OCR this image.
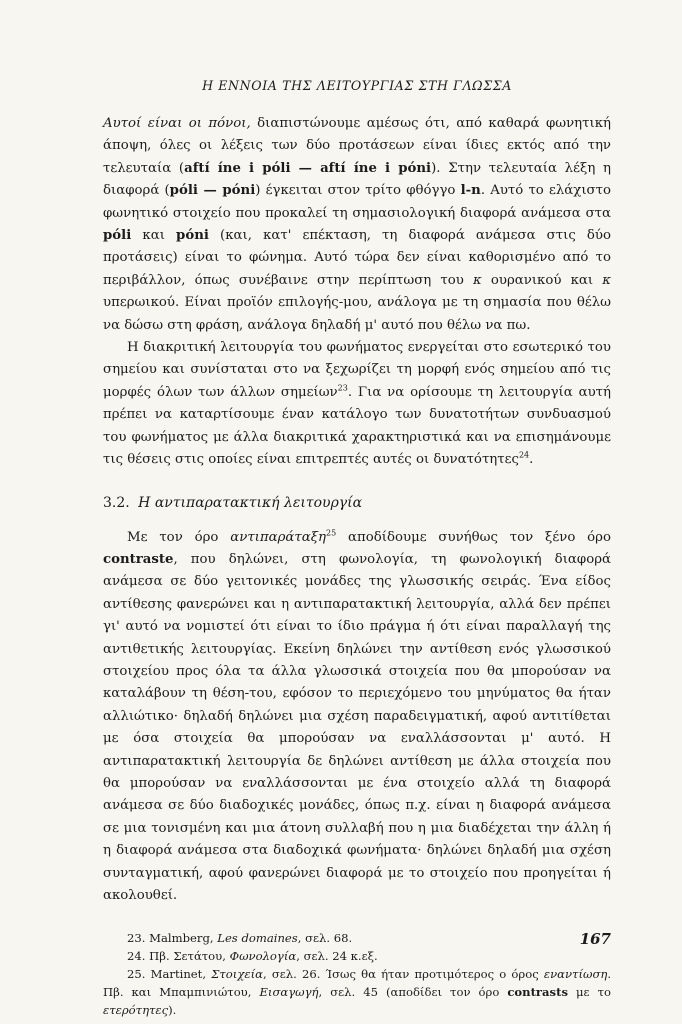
Η ΕΝΝΟΙΑ ΤΗΣ ΛΕΙΤΟΥΡΓΙΑΣ ΣΤΗ ΓΛΩΣΣΑ

Αυτοί είναι οι πόνοι, διαπιστώνουμε αμέσως ότι, από καθαρά φωνητική άποψη, όλες οι λέξεις των δύο προτάσεων είναι ίδιες εκτός από την τελευταία (aftí íne i póli — aftí íne i póni). Στην τελευταία λέξη η διαφορά (póli — póni) έγκειται στον τρίτο φθόγγο l-n. Αυτό το ελάχιστο φωνητικό στοιχείο που προκαλεί τη σημασιολογική διαφορά ανάμεσα στα póli και póni (και, κατ' επέκταση, τη διαφορά ανάμεσα στις δύο προτάσεις) είναι το φώνημα. Αυτό τώρα δεν είναι καθορισμένο από το περιβάλλον, όπως συνέβαινε στην περίπτωση του κ ουρανικού και κ υπερωικού. Είναι προϊόν επιλογής-μου, ανάλογα με τη σημασία που θέλω να δώσω στη φράση, ανάλογα δηλαδή μ' αυτό που θέλω να πω.

Η διακριτική λειτουργία του φωνήματος ενεργείται στο εσωτερικό του σημείου και συνίσταται στο να ξεχωρίζει τη μορφή ενός σημείου από τις μορφές όλων των άλλων σημείων$^{23}$. Για να ορίσουμε τη λειτουργία αυτή πρέπει να καταρτίσουμε έναν κατάλογο των δυνατοτήτων συνδυασμού του φωνήματος με άλλα διακριτικά χαρακτηριστικά και να επισημάνουμε τις θέσεις στις οποίες είναι επιτρεπτές αυτές οι δυνατότητες$^{24}$.

3.2. Η αντιπαρατακτική λειτουργία

Με τον όρο αντιπαράταξη$^{25}$ αποδίδουμε συνήθως τον ξένο όρο contraste, που δηλώνει, στη φωνολογία, τη φωνολογική διαφορά ανάμεσα σε δύο γειτονικές μονάδες της γλωσσικής σειράς. Ένα είδος αντίθεσης φανερώνει και η αντιπαρατακτική λειτουργία, αλλά δεν πρέπει γι' αυτό να νομιστεί ότι είναι το ίδιο πράγμα ή ότι είναι παραλλαγή της αντιθετικής λειτουργίας. Εκείνη δηλώνει την αντίθεση ενός γλωσσικού στοιχείου προς όλα τα άλλα γλωσσικά στοιχεία που θα μπορούσαν να καταλάβουν τη θέση-του, εφόσον το περιεχόμενο του μηνύματος θα ήταν αλλιώτικο· δηλαδή δηλώνει μια σχέση παραδειγματική, αφού αντιτίθεται με όσα στοιχεία θα μπορούσαν να εναλλάσσονται μ' αυτό. Η αντιπαρατακτική λειτουργία δε δηλώνει αντίθεση με άλλα στοιχεία που θα μπορούσαν να εναλλάσσονται με ένα στοιχείο αλλά τη διαφορά ανάμεσα σε δύο διαδοχικές μονάδες, όπως π.χ. είναι η διαφορά ανάμεσα σε μια τονισμένη και μια άτονη συλλαβή που η μια διαδέχεται την άλλη ή η διαφορά ανάμεσα στα διαδοχικά φωνήματα· δηλώνει δηλαδή μια σχέση συνταγματική, αφού φανερώνει διαφορά με το στοιχείο που προηγείται ή ακολουθεί.

23. Malmberg, Les domaines, σελ. 68.
24. Πβ. Σετάτου, Φωνολογία, σελ. 24 κ.εξ.
25. Martinet, Στοιχεία, σελ. 26. Ίσως θα ήταν προτιμότερος ο όρος εναντίωση. Πβ. και Μπαμπινιώτου, Εισαγωγή, σελ. 45 (αποδίδει τον όρο contrasts με το ετερότητες).
167
